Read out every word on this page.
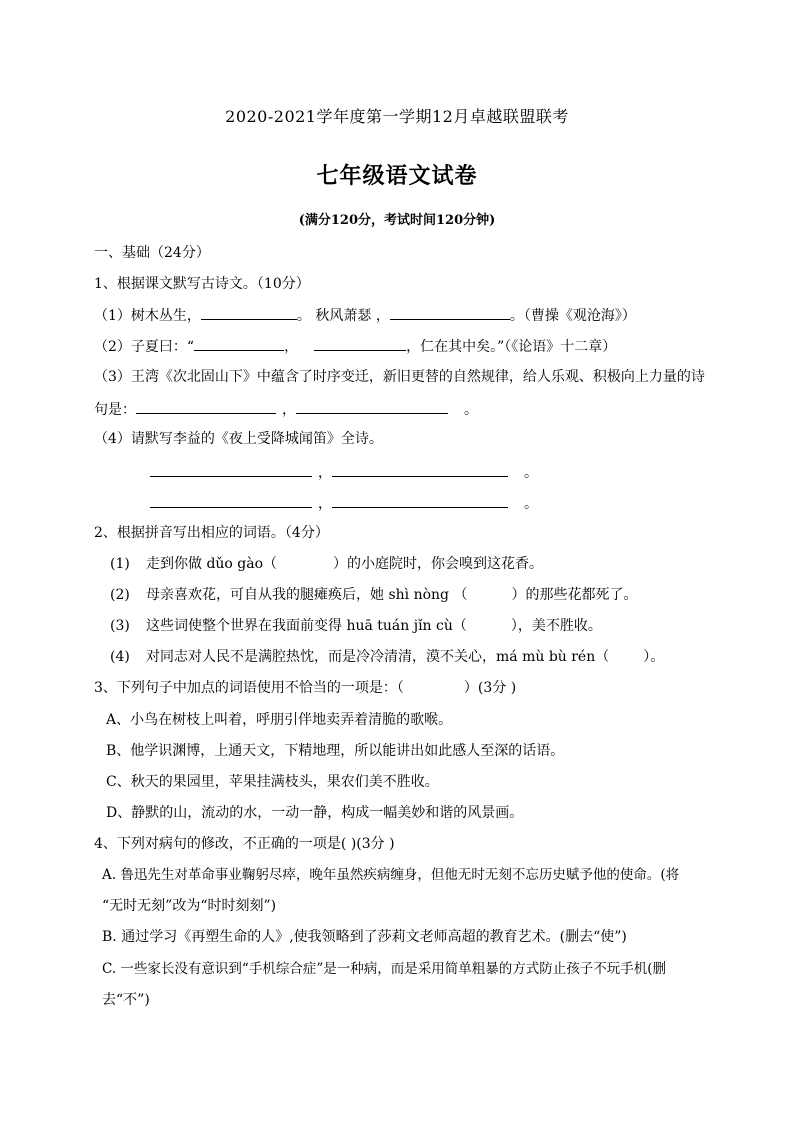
2020-2021学年度第一学期12月卓越联盟联考
七年级语文试卷
(满分120分，考试时间120分钟)
一、基础（24分）
1、根据课文默写古诗文。（10分）
（1）树木丛生，	。 秋风萧瑟 ，	。（曹操《观沧海》）
（2）子夏曰：“	，	，仁在其中矣。”（《论语》十二章）
（3）王湾《次北固山下》中蕴含了时序变迁，新旧更替的自然规律，给人乐观、积极向上力量的诗
句是：	，	。
（4）请默写李益的《夜上受降城闻笛》全诗。
，	。
，	。
2、根据拼音写出相应的词语。（4分）
(1) 走到你做 dǔo gào（	）的小庭院时，你会嗅到这花香。
(2) 母亲喜欢花，可自从我的腿瘫痪后，她 shì nòng （	）的那些花都死了。
(3) 这些词使整个世界在我面前变得 huā tuán jǐn cù（	），美不胜收。
(4) 对同志对人民不是满腔热忱，而是冷冷清清，漠不关心，má mù bù rén（ ）。
3、下列句子中加点的词语使用不恰当的一项是：（	）(3分 )
A、小鸟在树枝上叫着，呼朋引伴地卖弄着清脆的歌喉。
B、他学识渊博，上通天文，下精地理，所以能讲出如此感人至深的话语。
C、秋天的果园里，苹果挂满枝头，果农们美不胜收。
D、静默的山，流动的水，一动一静，构成一幅美妙和谐的风景画。
4、下列对病句的修改，不正确的一项是( )(3分 )
A. 鲁迅先生对革命事业鞠躬尽瘁，晚年虽然疾病缠身，但他无时无刻不忘历史赋予他的使命。(将
“无时无刻”改为“时时刻刻”)
B. 通过学习《再塑生命的人》,使我领略到了莎莉文老师高超的教育艺术。(删去“使”)
C. 一些家长没有意识到“手机综合症”是一种病，而是采用简单粗暴的方式防止孩子不玩手机(删
去“不”)
